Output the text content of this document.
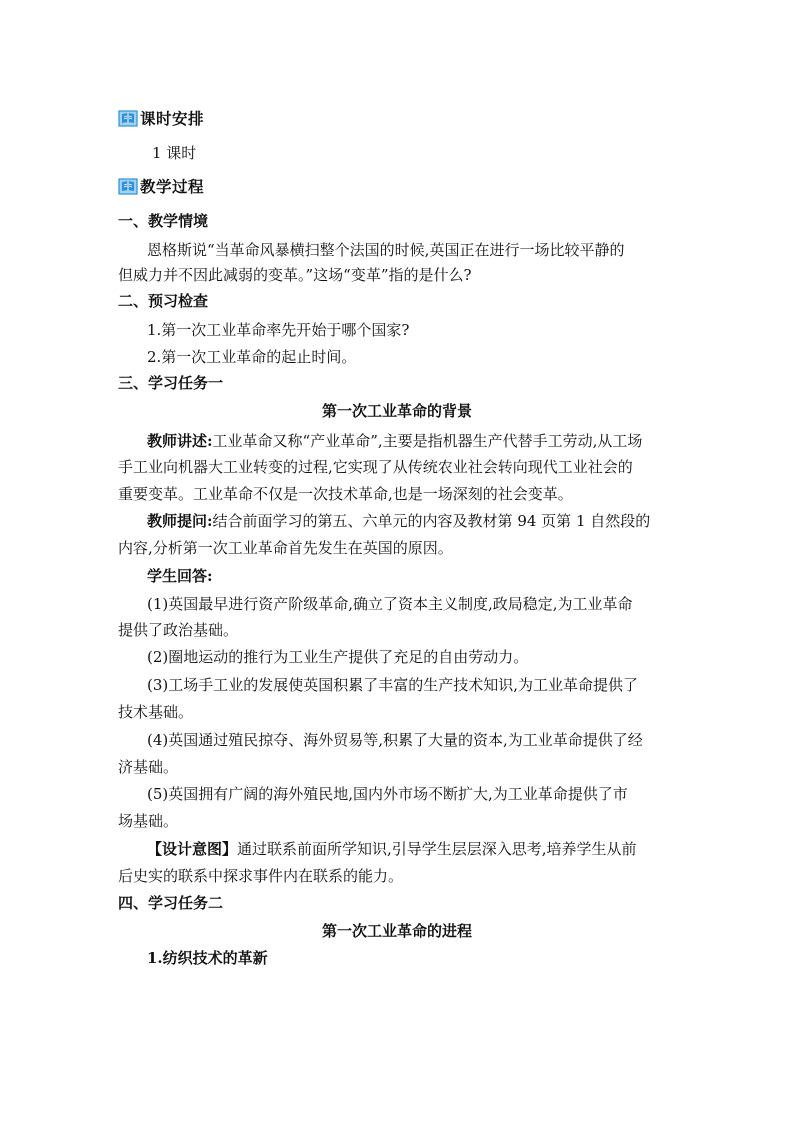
课时安排
1 课时
教学过程
一、教学情境
恩格斯说“当革命风暴横扫整个法国的时候,英国正在进行一场比较平静的
但威力并不因此减弱的变革。”这场“变革”指的是什么?
二、预习检查
1.第一次工业革命率先开始于哪个国家?
2.第一次工业革命的起止时间。
三、学习任务一
第一次工业革命的背景
教师讲述:工业革命又称“产业革命”,主要是指机器生产代替手工劳动,从工场
手工业向机器大工业转变的过程,它实现了从传统农业社会转向现代工业社会的
重要变革。工业革命不仅是一次技术革命,也是一场深刻的社会变革。
教师提问:结合前面学习的第五、六单元的内容及教材第 94 页第 1 自然段的
内容,分析第一次工业革命首先发生在英国的原因。
学生回答:
(1)英国最早进行资产阶级革命,确立了资本主义制度,政局稳定,为工业革命
提供了政治基础。
(2)圈地运动的推行为工业生产提供了充足的自由劳动力。
(3)工场手工业的发展使英国积累了丰富的生产技术知识,为工业革命提供了
技术基础。
(4)英国通过殖民掠夺、海外贸易等,积累了大量的资本,为工业革命提供了经
济基础。
(5)英国拥有广阔的海外殖民地,国内外市场不断扩大,为工业革命提供了市
场基础。
【设计意图】通过联系前面所学知识,引导学生层层深入思考,培养学生从前
后史实的联系中探求事件内在联系的能力。
四、学习任务二
第一次工业革命的进程
1.纺织技术的革新
